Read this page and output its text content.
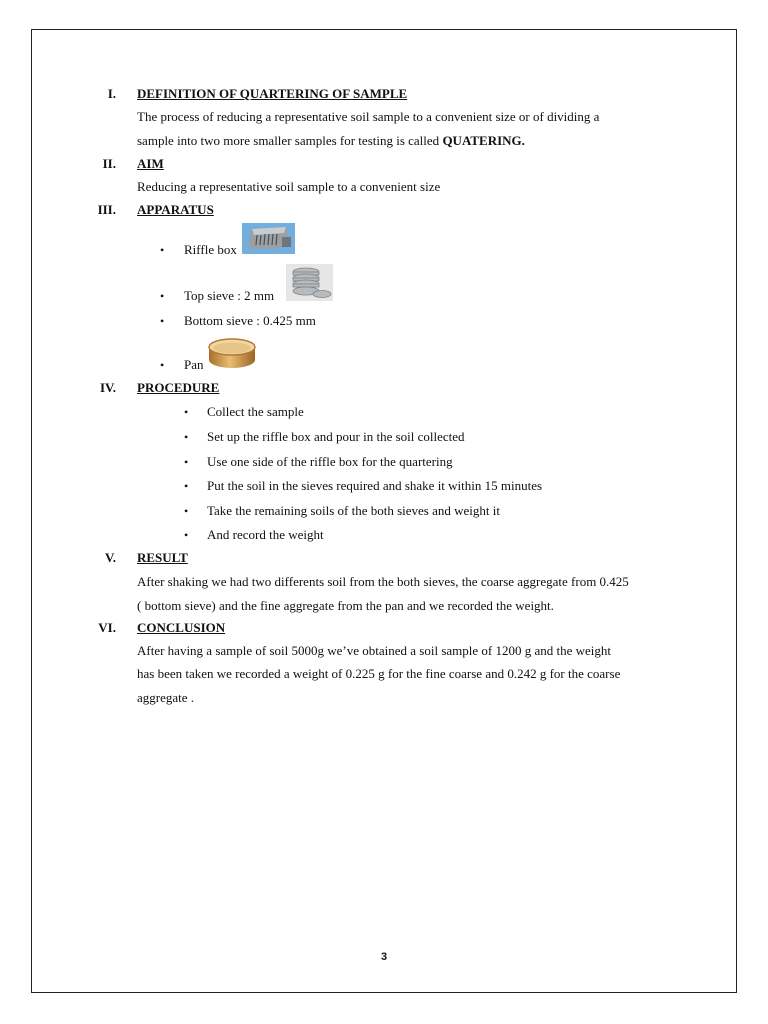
I. DEFINITION OF QUARTERING OF SAMPLE
The process of reducing a representative soil sample to a convenient size or of dividing a
sample into two more smaller samples for testing is called QUATERING.
II. AIM
Reducing a representative soil sample to a convenient size
III. APPARATUS
• Riffle box
• Top sieve : 2 mm
• Bottom sieve : 0.425 mm
• Pan
IV. PROCEDURE
• Collect the sample
• Set up the riffle box and pour in the soil collected
• Use one side of the riffle box for the quartering
• Put the soil in the sieves required and shake it within 15 minutes
• Take the remaining soils of the both sieves and weight it
• And record the weight
V. RESULT
After shaking we had two differents soil from the both sieves, the coarse aggregate from 0.425
( bottom sieve) and the fine aggregate from the pan and we recorded the weight.
VI. CONCLUSION
After having a sample of soil 5000g we’ve obtained a soil sample of 1200 g and the weight
has been taken we recorded a weight of 0.225 g for the fine coarse and 0.242 g for the coarse
aggregate .
3
